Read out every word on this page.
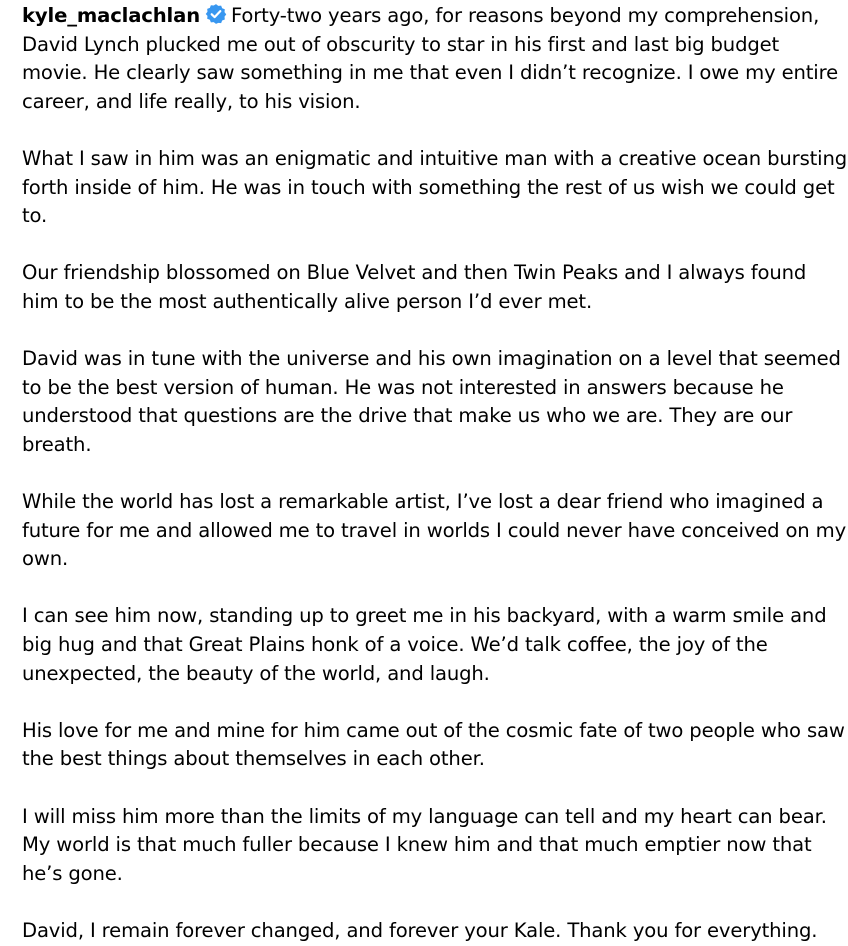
kyle_maclachlan Forty-two years ago, for reasons beyond my comprehension, David Lynch plucked me out of obscurity to star in his first and last big budget movie. He clearly saw something in me that even I didn’t recognize. I owe my entire career, and life really, to his vision.

What I saw in him was an enigmatic and intuitive man with a creative ocean bursting forth inside of him. He was in touch with something the rest of us wish we could get to.

Our friendship blossomed on Blue Velvet and then Twin Peaks and I always found him to be the most authentically alive person I’d ever met.

David was in tune with the universe and his own imagination on a level that seemed to be the best version of human. He was not interested in answers because he understood that questions are the drive that make us who we are. They are our breath.

While the world has lost a remarkable artist, I’ve lost a dear friend who imagined a future for me and allowed me to travel in worlds I could never have conceived on my own.

I can see him now, standing up to greet me in his backyard, with a warm smile and big hug and that Great Plains honk of a voice. We’d talk coffee, the joy of the unexpected, the beauty of the world, and laugh.

His love for me and mine for him came out of the cosmic fate of two people who saw the best things about themselves in each other.

I will miss him more than the limits of my language can tell and my heart can bear. My world is that much fuller because I knew him and that much emptier now that he’s gone.

David, I remain forever changed, and forever your Kale. Thank you for everything.
